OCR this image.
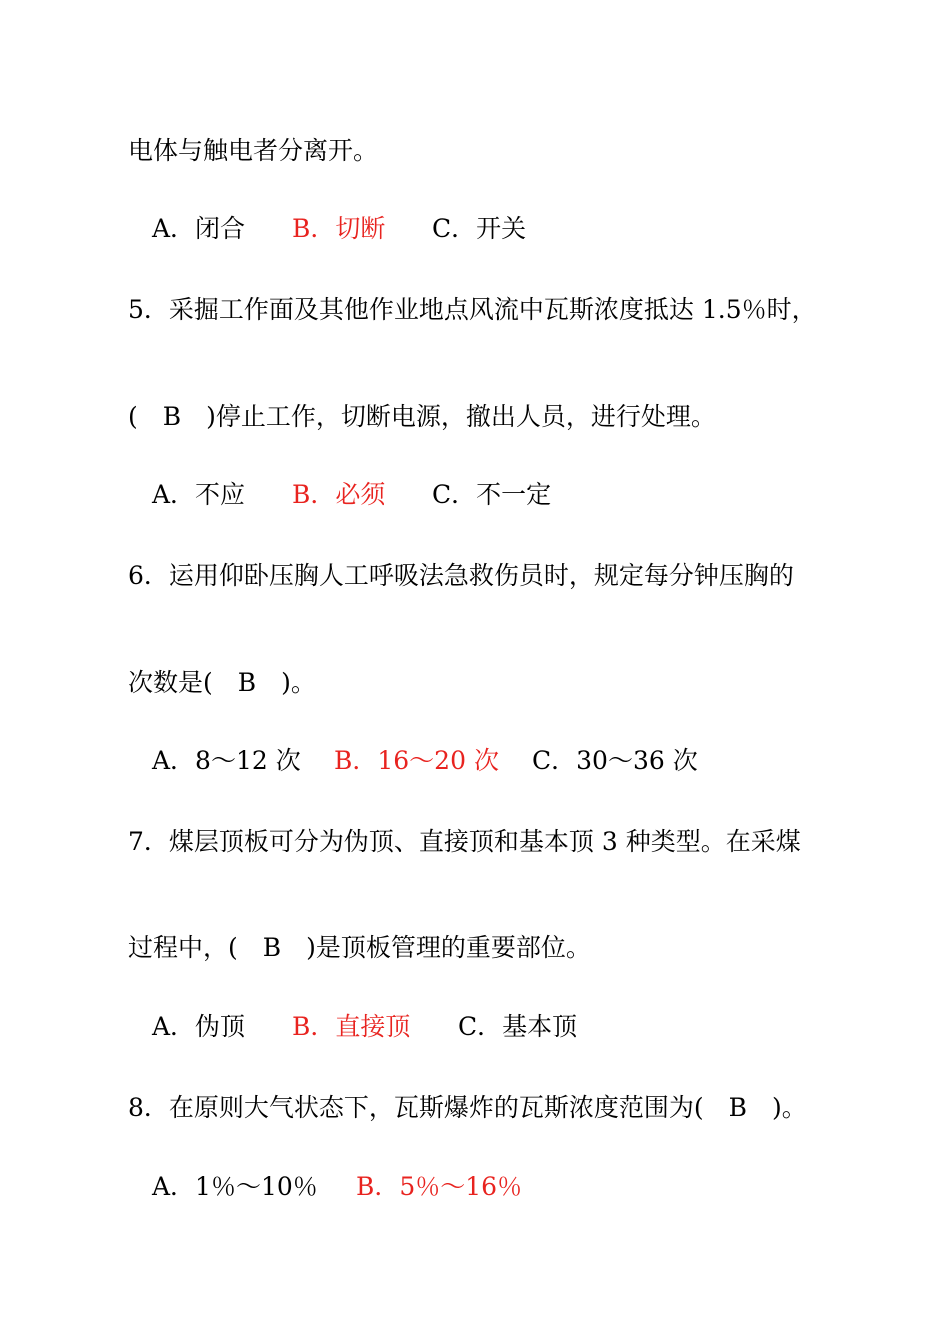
电体与触电者分离开。
A．闭合 B．切断 C．开关
5．采掘工作面及其他作业地点风流中瓦斯浓度抵达 1.5％时，
(　B　)停止工作，切断电源，撤出人员，进行处理。
A．不应 B．必须 C．不一定
6．运用仰卧压胸人工呼吸法急救伤员时，规定每分钟压胸的
次数是(　B　)。
A．8～12 次 B．16～20 次 C．30～36 次
7．煤层顶板可分为伪顶、直接顶和基本顶 3 种类型。在采煤
过程中，(　B　)是顶板管理的重要部位。
A．伪顶 B．直接顶 C．基本顶
8．在原则大气状态下，瓦斯爆炸的瓦斯浓度范围为(　B　)。
A．1％～10％ B．5％～16％
